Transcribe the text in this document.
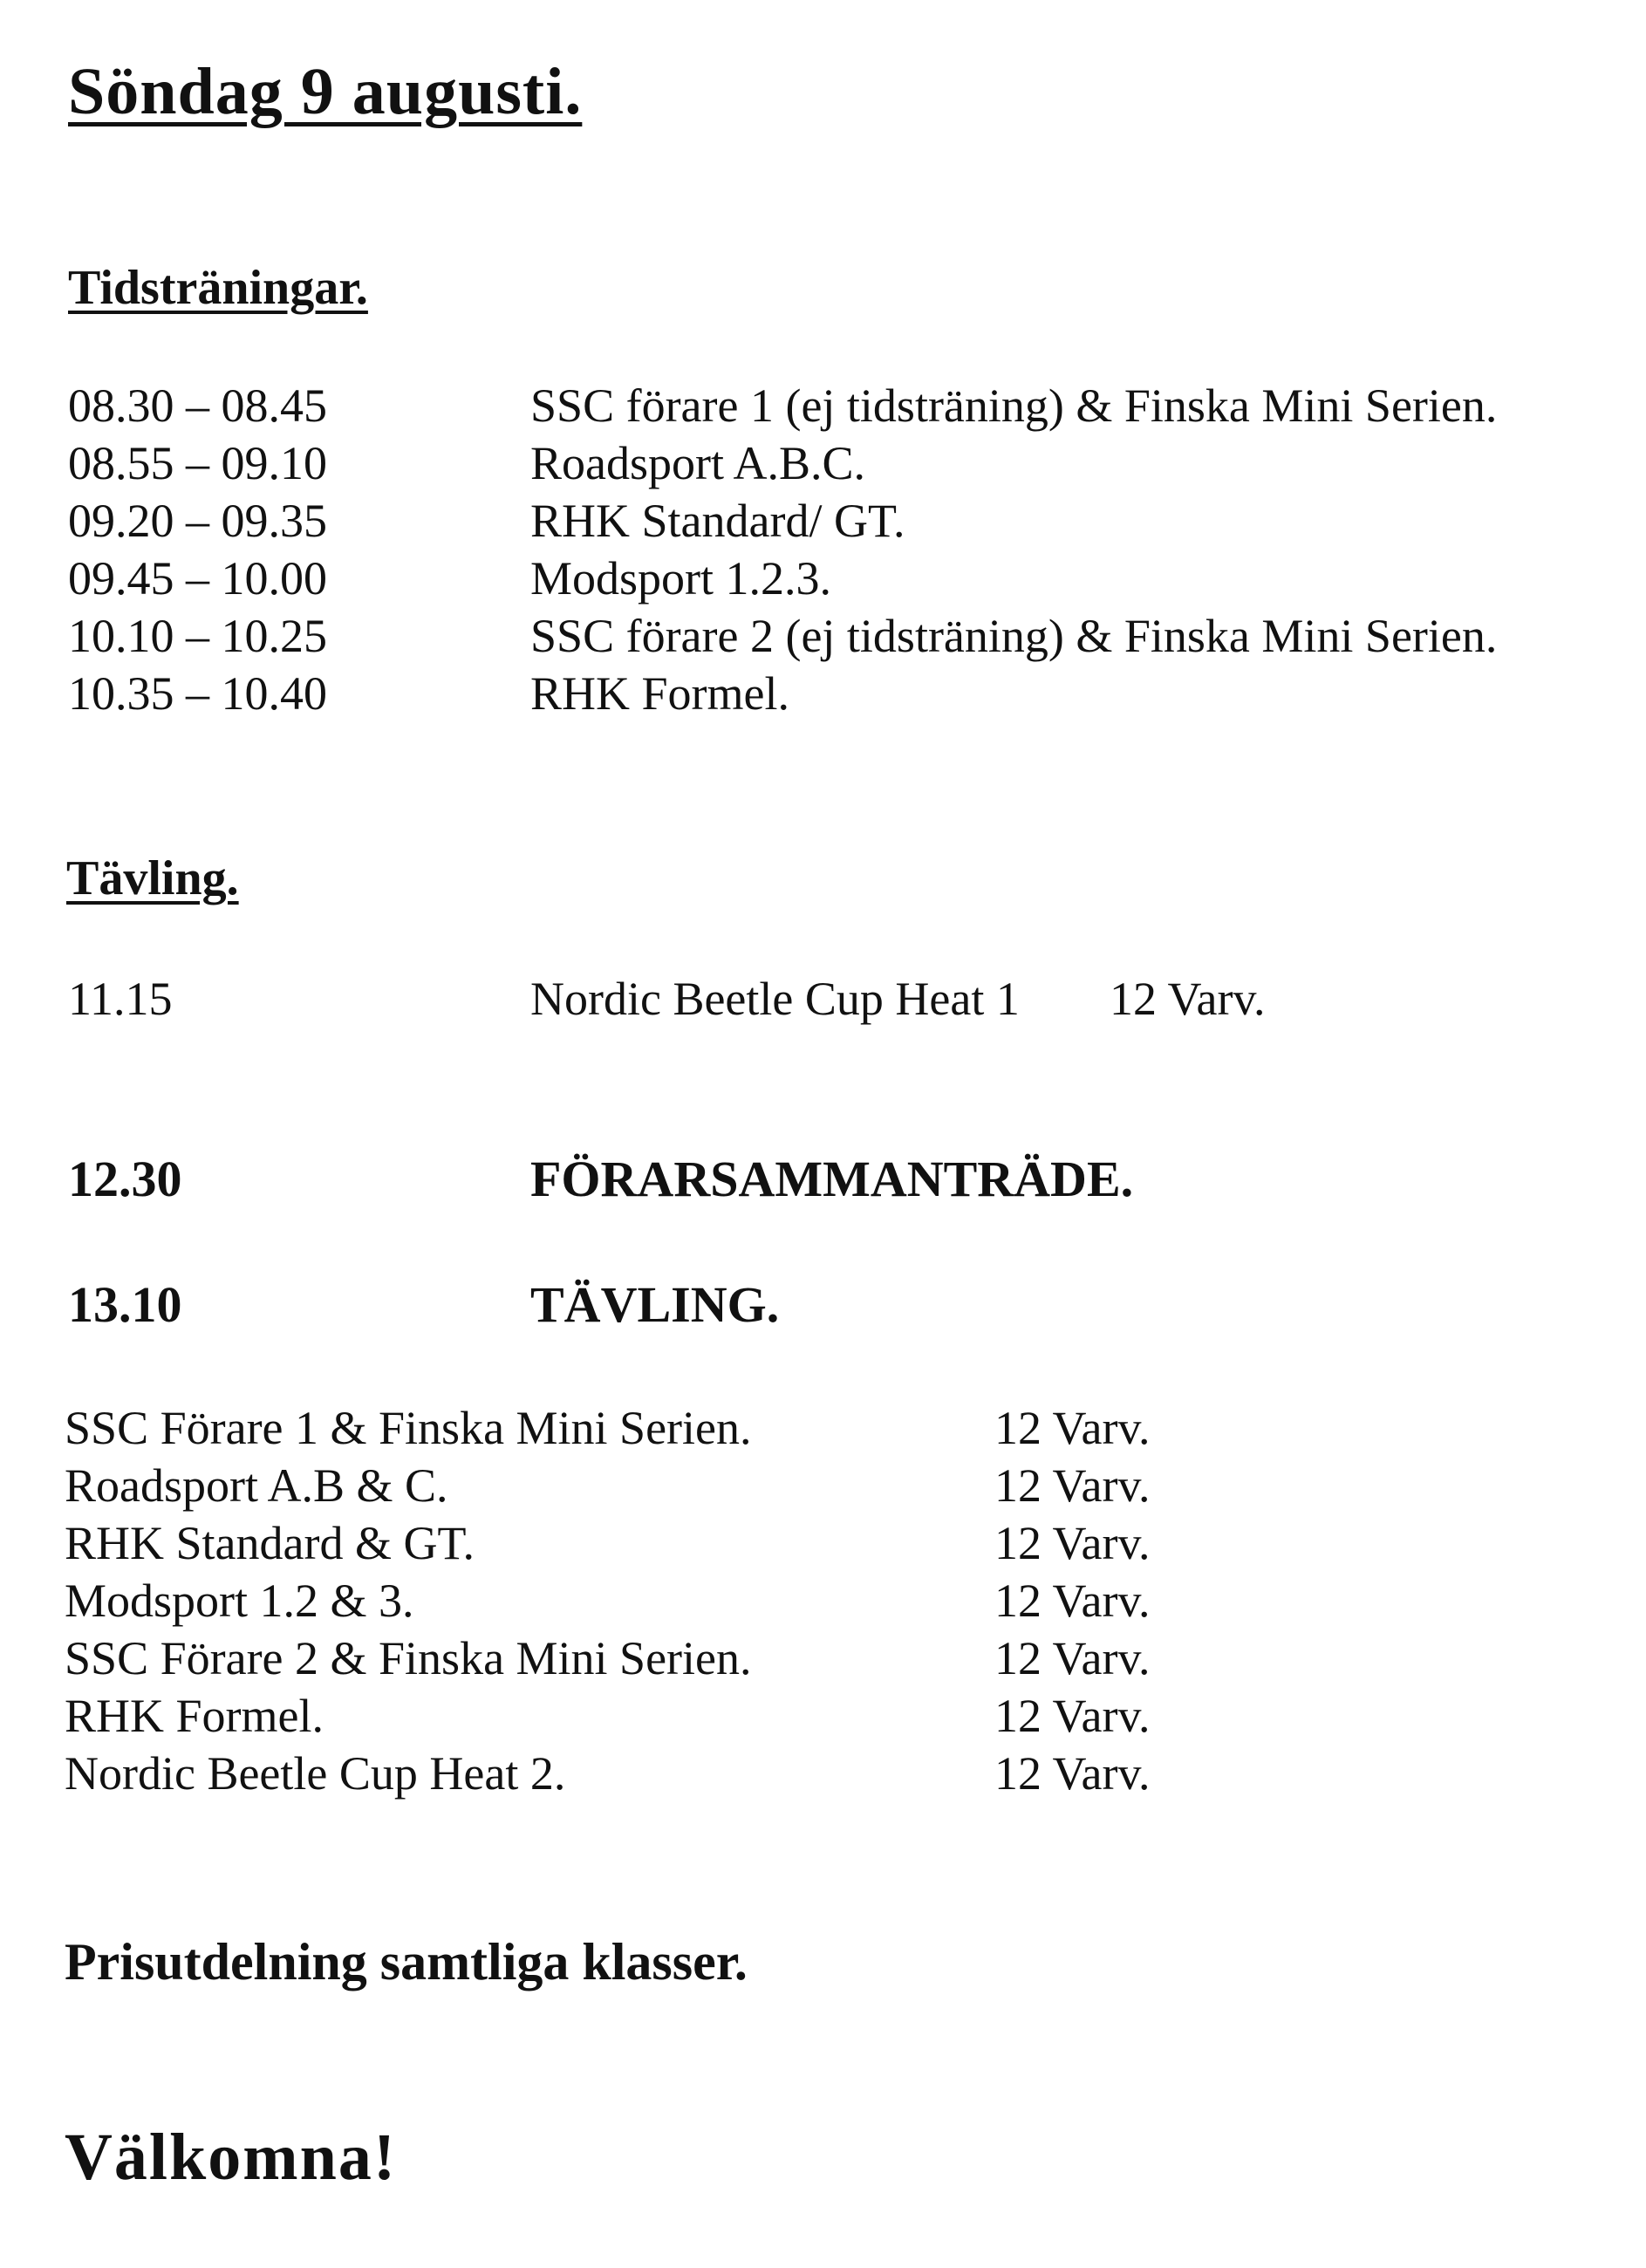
Söndag 9 augusti.
Tidsträningar.
08.30 – 08.45	SSC förare 1 (ej tidsträning) & Finska Mini Serien.
08.55 – 09.10	Roadsport A.B.C.
09.20 – 09.35	RHK Standard/ GT.
09.45 – 10.00	Modsport 1.2.3.
10.10 – 10.25	SSC förare 2 (ej tidsträning) & Finska Mini Serien.
10.35 – 10.40	RHK Formel.
Tävling.
11.15	Nordic Beetle Cup Heat 1 12 Varv.
12.30	FÖRARSAMMANTRÄDE.
13.10	TÄVLING.
SSC Förare 1 & Finska Mini Serien.	12 Varv.
Roadsport A.B & C.	12 Varv.
RHK Standard & GT.	12 Varv.
Modsport 1.2 & 3.	12 Varv.
SSC Förare 2 & Finska Mini Serien.	12 Varv.
RHK Formel.	12 Varv.
Nordic Beetle Cup Heat 2.	12 Varv.
Prisutdelning samtliga klasser.
Välkomna!
